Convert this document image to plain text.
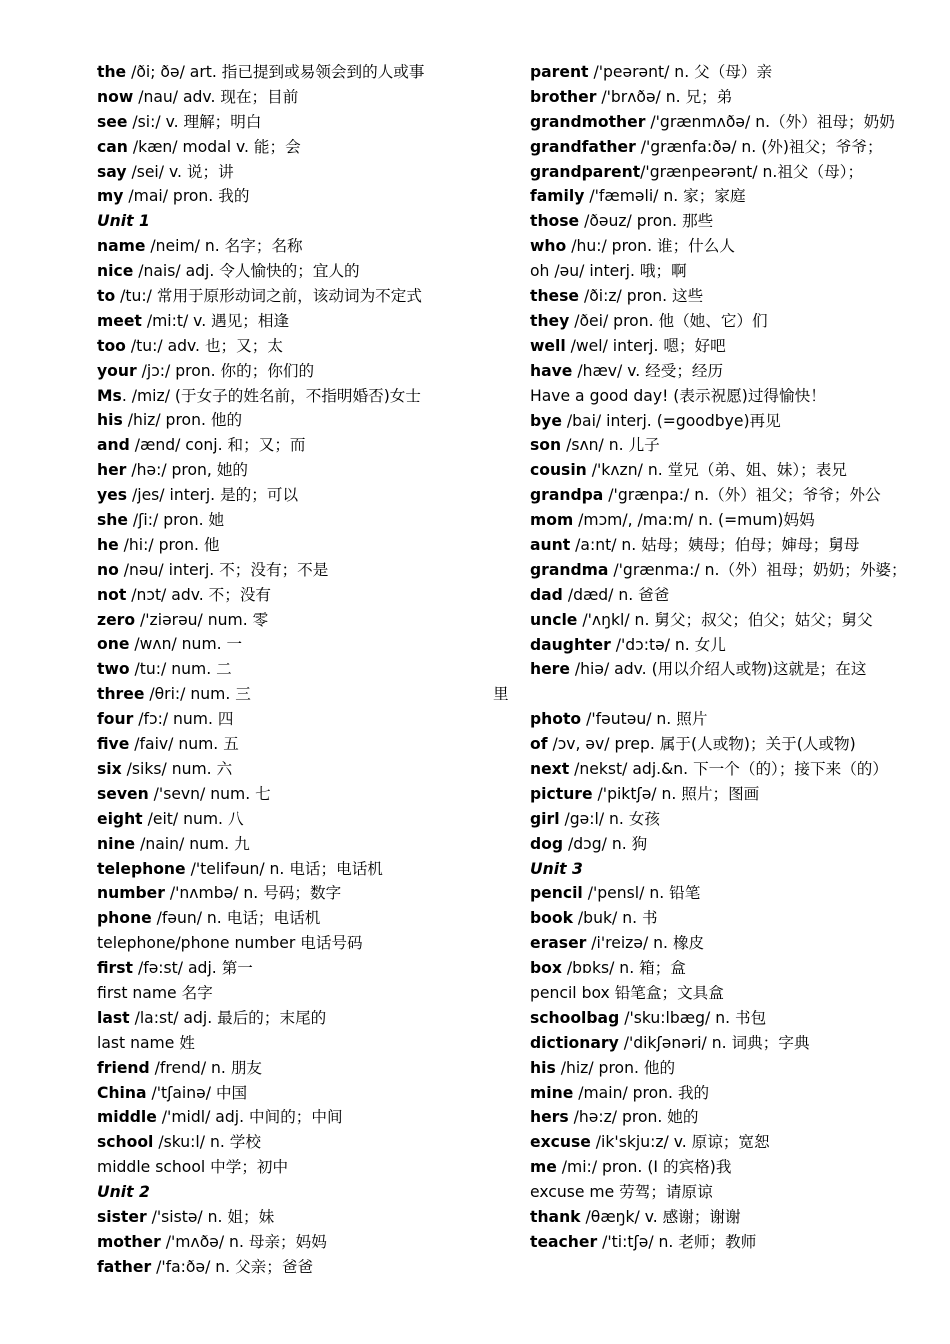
the /ði; ðə/ art. 指已提到或易领会到的人或事
now /nau/ adv. 现在；目前
see /si:/ v. 理解；明白
can /kæn/ modal v. 能；会
say /sei/ v. 说；讲
my /mai/ pron. 我的
Unit 1
name /neim/ n. 名字；名称
nice /nais/ adj. 令人愉快的；宜人的
to /tu:/ 常用于原形动词之前，该动词为不定式
meet /mi:t/ v. 遇见；相逢
too /tu:/ adv. 也；又；太
your /jɔ:/ pron. 你的；你们的
Ms. /miz/ (于女子的姓名前，不指明婚否)女士
his /hiz/ pron. 他的
and /ænd/ conj. 和；又；而
her /hə:/ pron, 她的
yes /jes/ interj. 是的；可以
she /ʃi:/ pron. 她
he /hi:/ pron. 他
no /nəu/ interj. 不；没有；不是
not /nɔt/ adv. 不；没有
zero /'ziərəu/ num. 零
one /wʌn/ num. 一
two /tu:/ num. 二
three /θri:/ num. 三
four /fɔ:/ num. 四
five /faiv/ num. 五
six /siks/ num. 六
seven /'sevn/ num. 七
eight /eit/ num. 八
nine /nain/ num. 九
telephone /'telifəun/ n. 电话；电话机
number /'nʌmbə/ n. 号码；数字
phone /fəun/ n. 电话；电话机
telephone/phone number 电话号码
first /fə:st/ adj. 第一
first name 名字
last /la:st/ adj. 最后的；末尾的
last name 姓
friend /frend/ n. 朋友
China /'tʃainə/ 中国
middle /'midl/ adj. 中间的；中间
school /sku:l/ n. 学校
middle school 中学；初中
Unit 2
sister /'sistə/ n. 姐；妹
mother /'mʌðə/ n. 母亲；妈妈
father /'fa:ðə/ n. 父亲；爸爸
parent /'peərənt/ n. 父（母）亲
brother /'brʌðə/ n. 兄；弟
grandmother /'grænmʌðə/ n.（外）祖母；奶奶grandfather /'grænfa:ðə/ n. (外)祖父；爷爷；
grandparent/'grænpeərənt/ n.祖父（母）；
family /'fæməli/ n. 家；家庭
those /ðəuz/ pron. 那些
who /hu:/ pron. 谁；什么人
oh /əu/ interj. 哦；啊
these /ði:z/ pron. 这些
they /ðei/ pron. 他（她、它）们
well /wel/ interj. 嗯；好吧
have /hæv/ v. 经受；经历
Have a good day! (表示祝愿)过得愉快！
bye /bai/ interj. (=goodbye)再见
son /sʌn/ n. 儿子
cousin /'kʌzn/ n. 堂兄（弟、姐、妹）；表兄
grandpa /'grænpa:/ n.（外）祖父；爷爷；外公
mom /mɔm/, /ma:m/ n. (=mum)妈妈
aunt /a:nt/ n. 姑母；姨母；伯母；婶母；舅母
grandma /'grænma:/ n.（外）祖母；奶奶；外婆；
dad /dæd/ n. 爸爸
uncle /'ʌŋkl/ n. 舅父；叔父；伯父；姑父；舅父
daughter /'dɔ:tə/ n. 女儿
here /hiə/ adv. (用以介绍人或物)这就是；在这
里
photo /'fəutəu/ n. 照片
of /ɔv, əv/ prep. 属于(人或物)；关于(人或物)
next /nekst/ adj.&n. 下一个（的）；接下来（的）
picture /'piktʃə/ n. 照片；图画
girl /gə:l/ n. 女孩
dog /dɔg/ n. 狗
Unit 3
pencil /'pensl/ n. 铅笔
book /buk/ n. 书
eraser /i'reizə/ n. 橡皮
box /bɒks/ n. 箱；盒
pencil box 铅笔盒；文具盒
schoolbag /'sku:lbæg/ n. 书包
dictionary /'dikʃənəri/ n. 词典；字典
his /hiz/ pron. 他的
mine /main/ pron. 我的
hers /hə:z/ pron. 她的
excuse /ik'skju:z/ v. 原谅；宽恕
me /mi:/ pron. (I 的宾格)我
excuse me 劳驾；请原谅
thank /θæŋk/ v. 感谢；谢谢
teacher /'ti:tʃə/ n. 老师；教师
